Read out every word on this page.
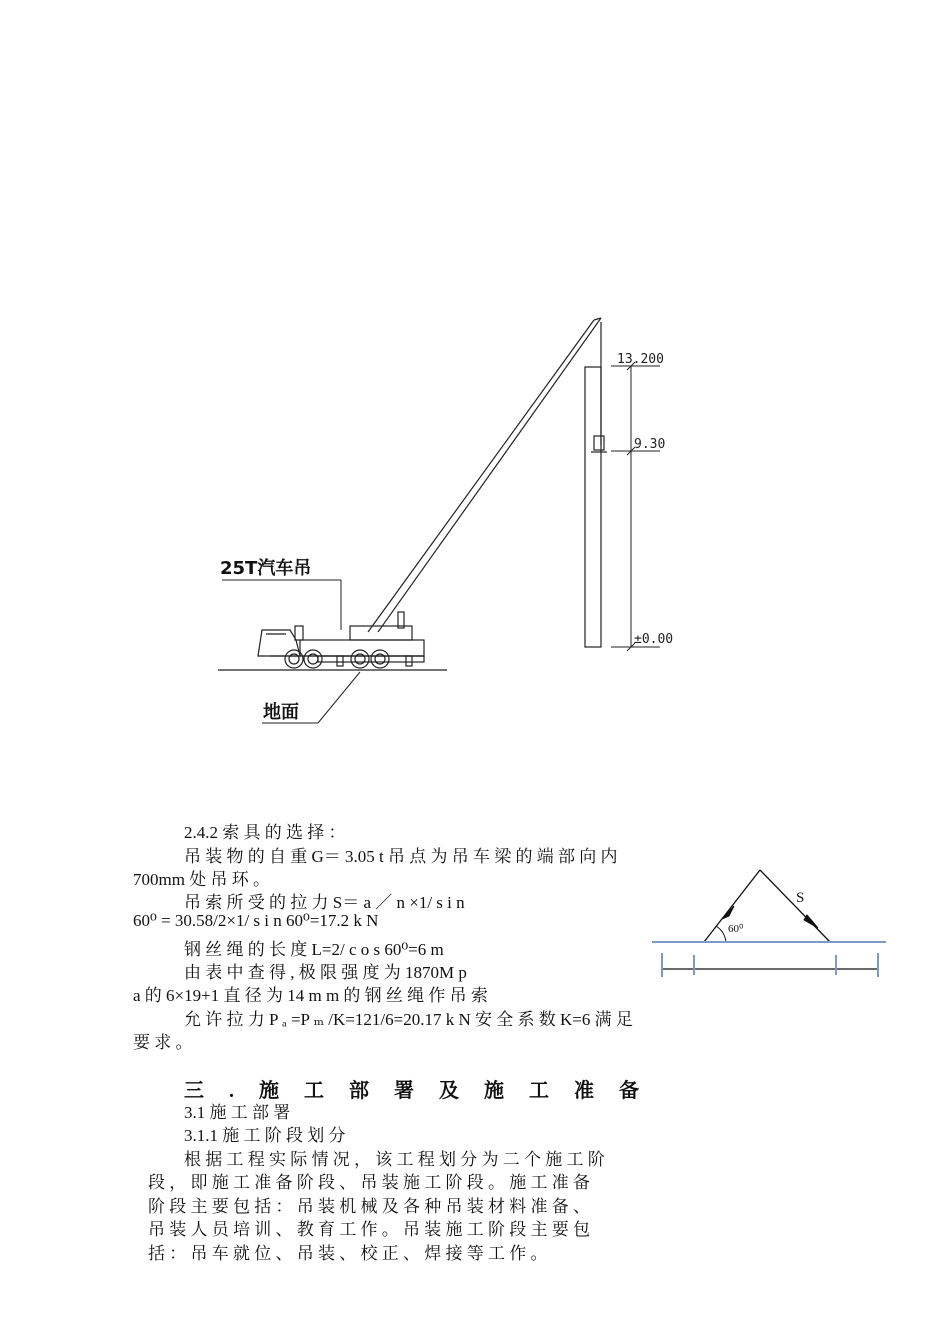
13.200
9.30
±0.00
25T汽车吊
地面
S
60⁰
2.4.2 索 具 的 选 择 ：
吊 装 物 的 自 重 G＝ 3.05 t 吊 点 为 吊 车 梁 的 端 部 向 内
700mm 处 吊 环 。
吊 索 所 受 的 拉 力 S＝ a ／ n ×1/ s i n
60⁰ = 30.58/2×1/ s i n 60⁰=17.2 k N
钢 丝 绳 的 长 度 L=2/ c o s 60⁰=6 m
由 表 中 查 得 , 极 限 强 度 为 1870M p
a 的 6×19+1 直 径 为 14 m m 的 钢 丝 绳 作 吊 索
允 许 拉 力 P ₐ =P ₘ /K=121/6=20.17 k N 安 全 系 数 K=6 满 足
要 求 。
三 . 施 工 部 署 及 施 工 准 备
3.1 施 工 部 署
3.1.1 施 工 阶 段 划 分
根 据 工 程 实 际 情 况 ， 该 工 程 划 分 为 二 个 施 工 阶
段 ， 即 施 工 准 备 阶 段 、 吊 装 施 工 阶 段 。 施 工 准 备
阶 段 主 要 包 括 ： 吊 装 机 械 及 各 种 吊 装 材 料 准 备 、
吊 装 人 员 培 训 、 教 育 工 作 。 吊 装 施 工 阶 段 主 要 包
括 ： 吊 车 就 位 、 吊 装 、 校 正 、 焊 接 等 工 作 。
